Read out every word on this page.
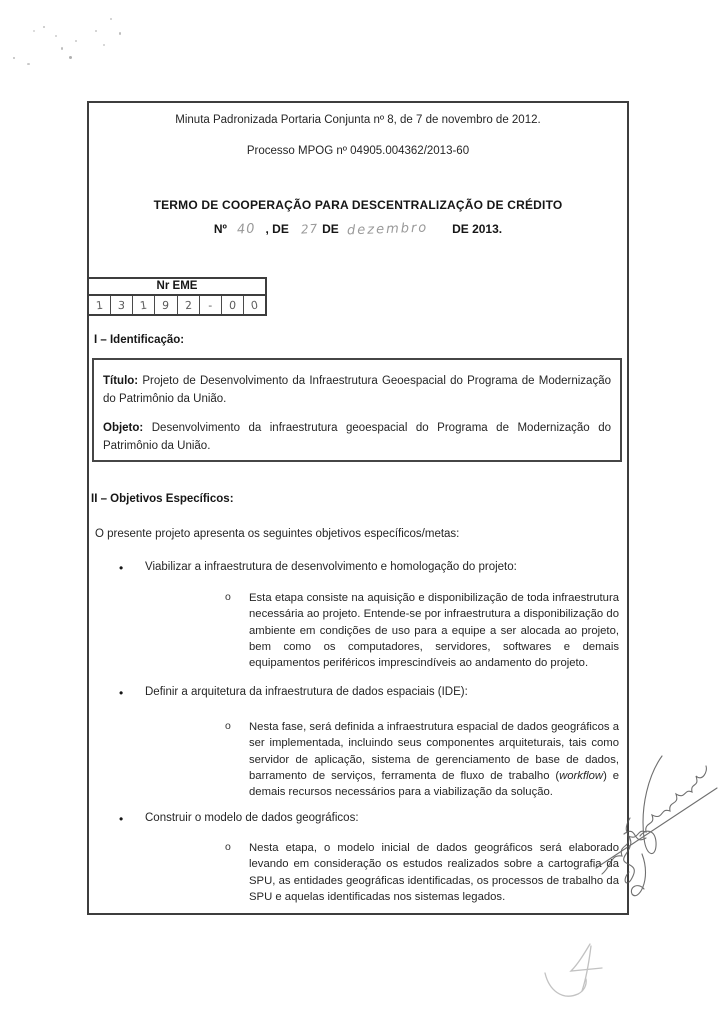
Minuta Padronizada Portaria Conjunta nº 8, de 7 de novembro de 2012.
Processo MPOG nº 04905.004362/2013-60
TERMO DE COOPERAÇÃO PARA DESCENTRALIZAÇÃO DE CRÉDITO
Nº 40 , DE 27 DE dezembro DE 2013.
Nr EME
1 3 1 9 2 - 0 0
I – Identificação:

Título: Projeto de Desenvolvimento da Infraestrutura Geoespacial do Programa de Modernização do Patrimônio da União.

Objeto: Desenvolvimento da infraestrutura geoespacial do Programa de Modernização do Patrimônio da União.

II – Objetivos Específicos:
O presente projeto apresenta os seguintes objetivos específicos/metas:
•	Viabilizar a infraestrutura de desenvolvimento e homologação do projeto:
o	Esta etapa consiste na aquisição e disponibilização de toda infraestrutura necessária ao projeto. Entende-se por infraestrutura a disponibilização do ambiente em condições de uso para a equipe a ser alocada ao projeto, bem como os computadores, servidores, softwares e demais equipamentos periféricos imprescindíveis ao andamento do projeto.
•	Definir a arquitetura da infraestrutura de dados espaciais (IDE):
o	Nesta fase, será definida a infraestrutura espacial de dados geográficos a ser implementada, incluindo seus componentes arquiteturais, tais como servidor de aplicação, sistema de gerenciamento de base de dados, barramento de serviços, ferramenta de fluxo de trabalho (workflow) e demais recursos necessários para a viabilização da solução.
•	Construir o modelo de dados geográficos:
o	Nesta etapa, o modelo inicial de dados geográficos será elaborado levando em consideração os estudos realizados sobre a cartografia da SPU, as entidades geográficas identificadas, os processos de trabalho da SPU e aquelas identificadas nos sistemas legados.
